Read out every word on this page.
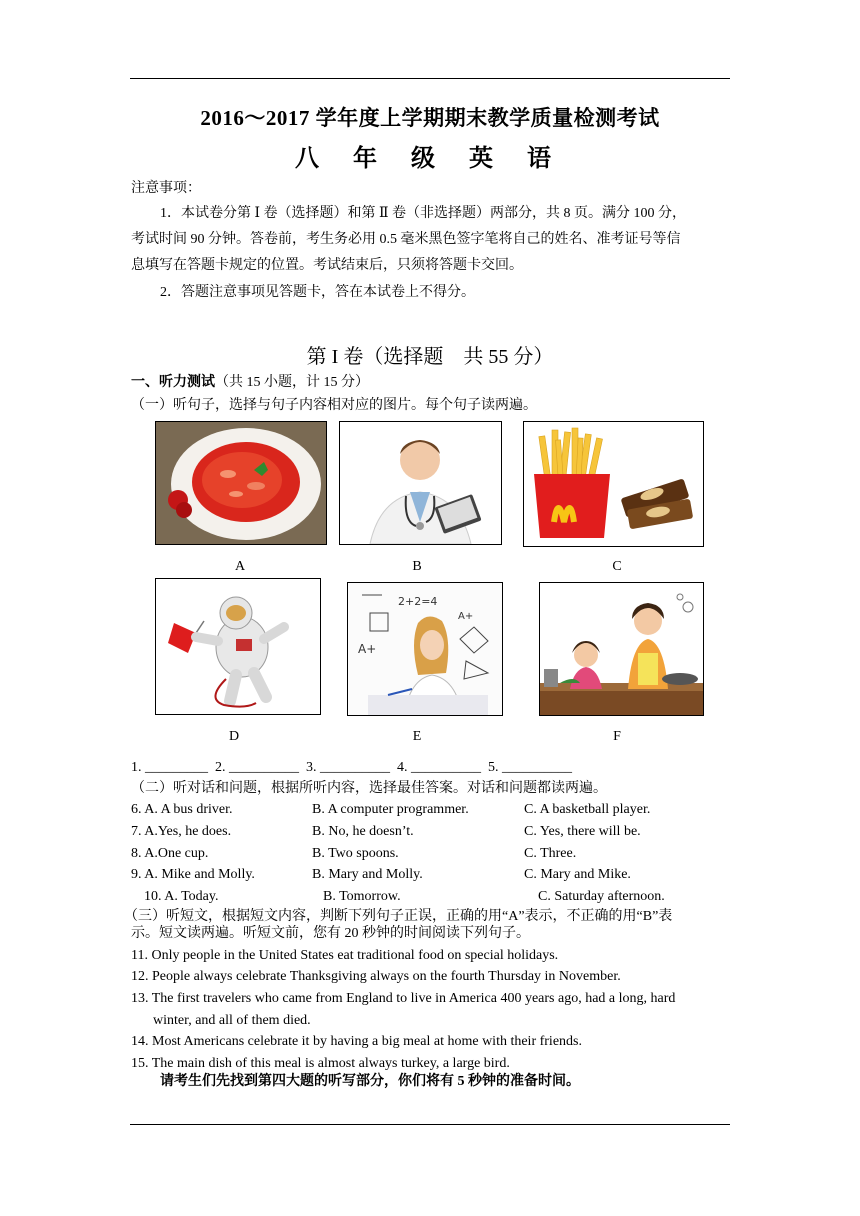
2016～2017 学年度上学期期末教学质量检测考试
八 年 级 英 语
注意事项：
1．本试卷分第 Ⅰ 卷（选择题）和第 Ⅱ 卷（非选择题）两部分，共 8 页。满分 100 分，
考试时间 90 分钟。答卷前，考生务必用 0.5 毫米黑色签字笔将自己的姓名、准考证号等信
息填写在答题卡规定的位置。考试结束后，只须将答题卡交回。
2．答题注意事项见答题卡，答在本试卷上不得分。
第 I 卷（选择题　共 55 分）
一、听力测试（共 15 小题，计 15 分）
（一）听句子，选择与句子内容相对应的图片。每个句子读两遍。
A	B	C
2+2=4
A+
A+
D	E	F
1. _________  2. __________  3. __________  4. __________  5. __________
（二）听对话和问题，根据所听内容，选择最佳答案。对话和问题都读两遍。
6. A. A bus driver.	B. A computer programmer.	C. A basketball player.
7. A.Yes, he does.	B. No, he doesn’t.	C. Yes, there will be.
8. A.One cup.	B. Two spoons.	C. Three.
9. A. Mike and Molly.	B. Mary and Molly.	C. Mary and Mike.
10. A. Today.	B. Tomorrow.	C. Saturday afternoon.
（三）听短文，根据短文内容，判断下列句子正误，正确的用“A”表示，不正确的用“B”表
示。短文读两遍。听短文前，您有 20 秒钟的时间阅读下列句子。
11. Only people in the United States eat traditional food on special holidays.
12. People always celebrate Thanksgiving always on the fourth Thursday in November.
13. The first travelers who came from England to live in America 400 years ago, had a long, hard
winter, and all of them died.
14. Most Americans celebrate it by having a big meal at home with their friends.
15. The main dish of this meal is almost always turkey, a large bird.
请考生们先找到第四大题的听写部分，你们将有 5 秒钟的准备时间。
